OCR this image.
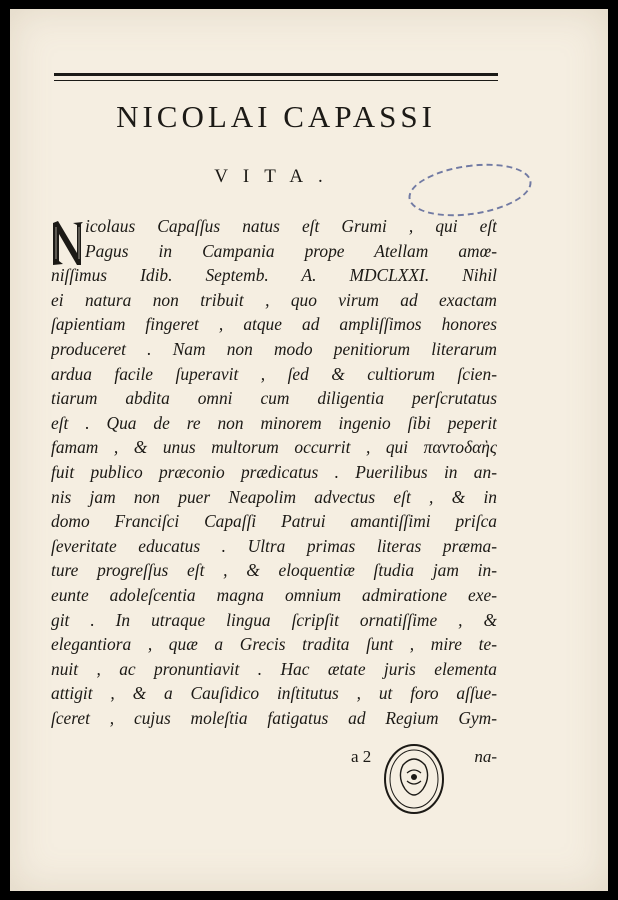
NICOLAI CAPASSI
VITA.
icolaus Capaſſus natus eſt Grumi , qui eſt
Pagus in Campania prope Atellam amœ-
niſſimus Idib. Septemb. A. MDCLXXI. Nihil
ei natura non tribuit , quo virum ad exactam
ſapientiam fingeret , atque ad ampliſſimos honores
produceret . Nam non modo penitiorum literarum
ardua facile ſuperavit , ſed & cultiorum ſcien-
tiarum abdita omni cum diligentia perſcrutatus
eſt . Qua de re non minorem ingenio ſibi peperit
famam , & unus multorum occurrit , qui παντοδαὴς
fuit publico præconio prædicatus . Puerilibus in an-
nis jam non puer Neapolim advectus eſt , & in
domo Franciſci Capaſſi Patrui amantiſſimi priſca
ſeveritate educatus . Ultra primas literas præma-
ture progreſſus eſt , & eloquentiæ ſtudia jam in-
eunte adoleſcentia magna omnium admiratione exe-
git . In utraque lingua ſcripſit ornatiſſime , &
elegantiora , quæ a Grecis tradita ſunt , mire te-
nuit , ac pronuntiavit . Hac ætate juris elementa
attigit , & a Cauſidico inſtitutus , ut foro aſſue-
ſceret , cujus moleſtia fatigatus ad Regium Gym-
a 2	na-
